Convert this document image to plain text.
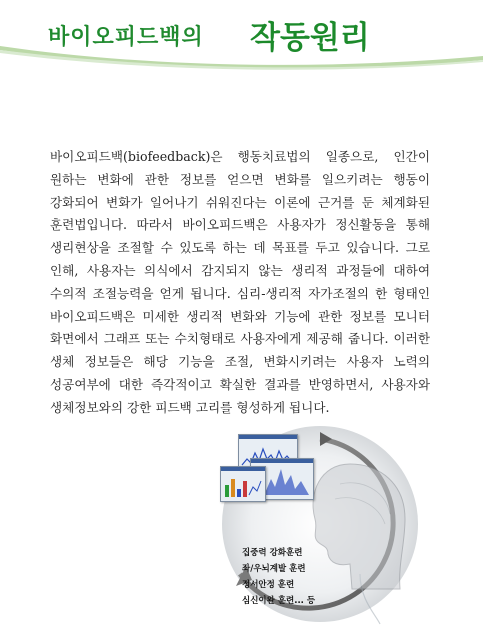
바이오피드백의 작동원리
바이오피드백(biofeedback)은 행동치료법의 일종으로, 인간이 원하는 변화에 관한 정보를 얻으면 변화를 일으키려는 행동이 강화되어 변화가 일어나기 쉬워진다는 이론에 근거를 둔 체계화된 훈련법입니다. 따라서 바이오피드백은 사용자가 정신활동을 통해 생리현상을 조절할 수 있도록 하는 데 목표를 두고 있습니다. 그로 인해, 사용자는 의식에서 감지되지 않는 생리적 과정들에 대하여 수의적 조절능력을 얻게 됩니다. 심리-생리적 자가조절의 한 형태인 바이오피드백은 미세한 생리적 변화와 기능에 관한 정보를 모니터 화면에서 그래프 또는 수치형태로 사용자에게 제공해 줍니다. 이러한 생체 정보들은 해당 기능을 조절, 변화시키려는 사용자 노력의 성공여부에 대한 즉각적이고 확실한 결과를 반영하면서, 사용자와 생체정보와의 강한 피드백 고리를 형성하게 됩니다.
집중력 강화훈련
좌/우뇌계발 훈련
정서안정 훈련
심신이완 훈련... 등
